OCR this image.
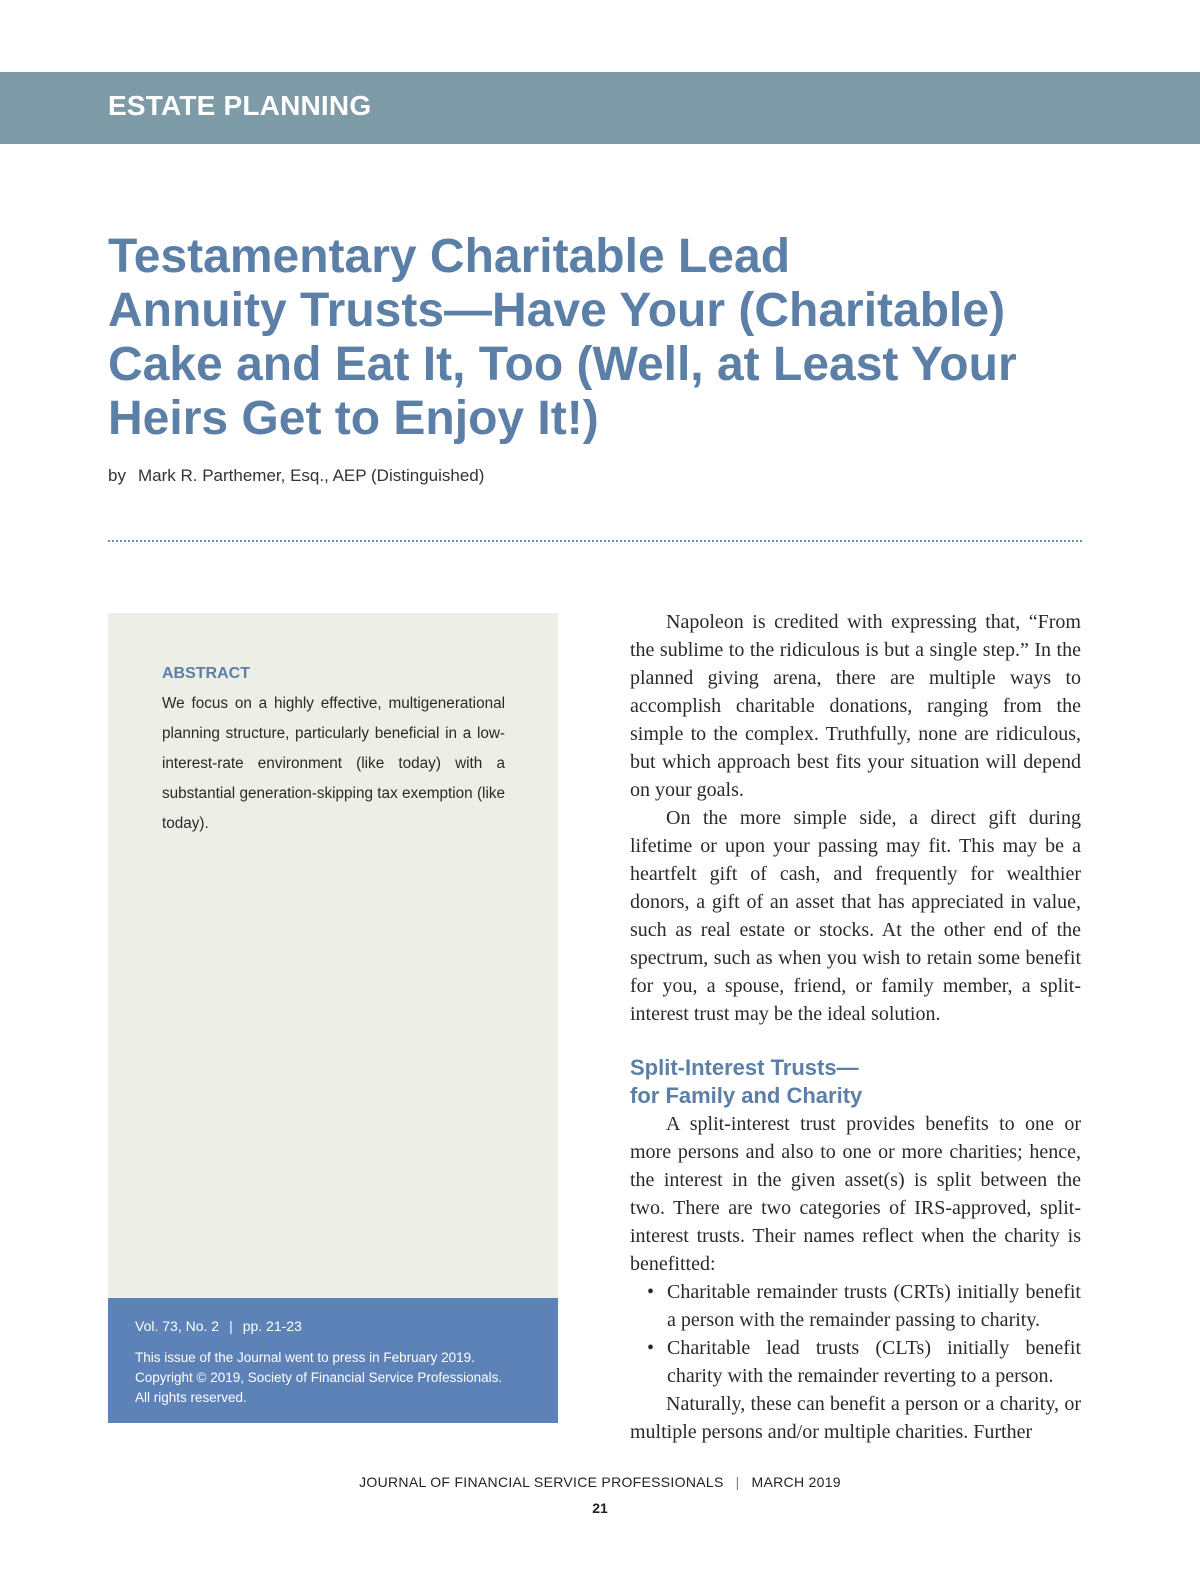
ESTATE PLANNING
Testamentary Charitable Lead
Annuity Trusts—Have Your (Charitable)
Cake and Eat It, Too (Well, at Least Your
Heirs Get to Enjoy It!)

by Mark R. Parthemer, Esq., AEP (Distinguished)

ABSTRACT
We focus on a highly effective, multigenerational planning structure, particularly beneficial in a low-interest-rate environment (like today) with a substantial generation-skipping tax exemption (like today).
Vol. 73, No. 2 | pp. 21-23
This issue of the Journal went to press in February 2019.
Copyright © 2019, Society of Financial Service Professionals.
All rights reserved.

Napoleon is credited with expressing that, “From the sublime to the ridiculous is but a single step.” In the planned giving arena, there are multiple ways to accomplish charitable donations, ranging from the simple to the complex. Truthfully, none are ridiculous, but which approach best fits your situation will depend on your goals.

On the more simple side, a direct gift during lifetime or upon your passing may fit. This may be a heartfelt gift of cash, and frequently for wealthier donors, a gift of an asset that has appreciated in value, such as real estate or stocks. At the other end of the spectrum, such as when you wish to retain some benefit for you, a spouse, friend, or family member, a split-interest trust may be the ideal solution.

Split-Interest Trusts—
for Family and Charity

A split-interest trust provides benefits to one or more persons and also to one or more charities; hence, the interest in the given asset(s) is split between the two. There are two categories of IRS-approved, split-interest trusts. Their names reflect when the charity is benefitted:

• Charitable remainder trusts (CRTs) initially benefit a person with the remainder passing to charity.
• Charitable lead trusts (CLTs) initially benefit charity with the remainder reverting to a person.

Naturally, these can benefit a person or a charity, or multiple persons and/or multiple charities. Further

JOURNAL OF FINANCIAL SERVICE PROFESSIONALS | MARCH 2019
21
